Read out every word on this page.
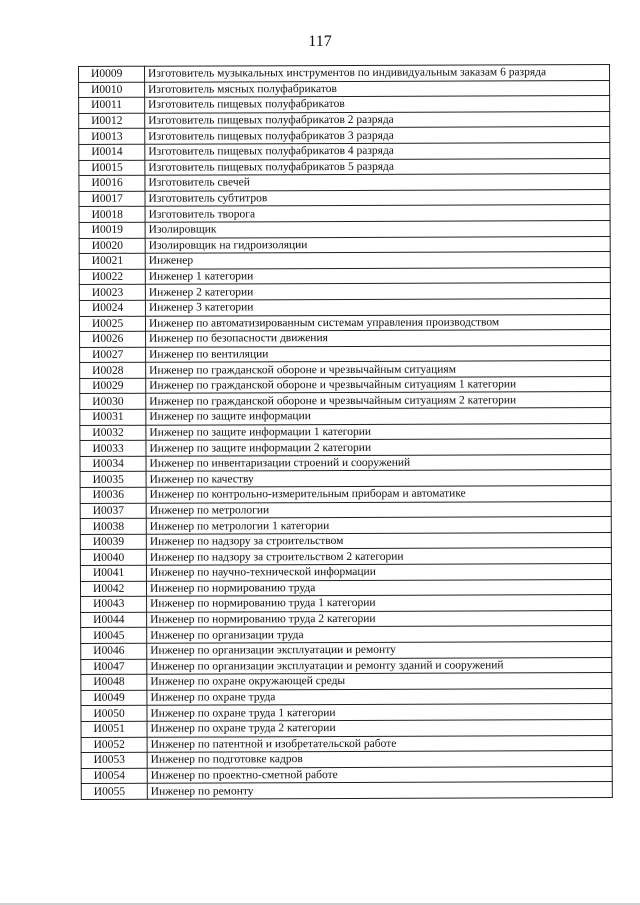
117
И0009	Изготовитель музыкальных инструментов по индивидуальным заказам 6 разряда
И0010	Изготовитель мясных полуфабрикатов
И0011	Изготовитель пищевых полуфабрикатов
И0012	Изготовитель пищевых полуфабрикатов 2 разряда
И0013	Изготовитель пищевых полуфабрикатов 3 разряда
И0014	Изготовитель пищевых полуфабрикатов 4 разряда
И0015	Изготовитель пищевых полуфабрикатов 5 разряда
И0016	Изготовитель свечей
И0017	Изготовитель субтитров
И0018	Изготовитель творога
И0019	Изолировщик
И0020	Изолировщик на гидроизоляции
И0021	Инженер
И0022	Инженер 1 категории
И0023	Инженер 2 категории
И0024	Инженер 3 категории
И0025	Инженер по автоматизированным системам управления производством
И0026	Инженер по безопасности движения
И0027	Инженер по вентиляции
И0028	Инженер по гражданской обороне и чрезвычайным ситуациям
И0029	Инженер по гражданской обороне и чрезвычайным ситуациям 1 категории
И0030	Инженер по гражданской обороне и чрезвычайным ситуациям 2 категории
И0031	Инженер по защите информации
И0032	Инженер по защите информации 1 категории
И0033	Инженер по защите информации 2 категории
И0034	Инженер по инвентаризации строений и сооружений
И0035	Инженер по качеству
И0036	Инженер по контрольно-измерительным приборам и автоматике
И0037	Инженер по метрологии
И0038	Инженер по метрологии 1 категории
И0039	Инженер по надзору за строительством
И0040	Инженер по надзору за строительством 2 категории
И0041	Инженер по научно-технической информации
И0042	Инженер по нормированию труда
И0043	Инженер по нормированию труда 1 категории
И0044	Инженер по нормированию труда 2 категории
И0045	Инженер по организации труда
И0046	Инженер по организации эксплуатации и ремонту
И0047	Инженер по организации эксплуатации и ремонту зданий и сооружений
И0048	Инженер по охране окружающей среды
И0049	Инженер по охране труда
И0050	Инженер по охране труда 1 категории
И0051	Инженер по охране труда 2 категории
И0052	Инженер по патентной и изобретательской работе
И0053	Инженер по подготовке кадров
И0054	Инженер по проектно-сметной работе
И0055	Инженер по ремонту
